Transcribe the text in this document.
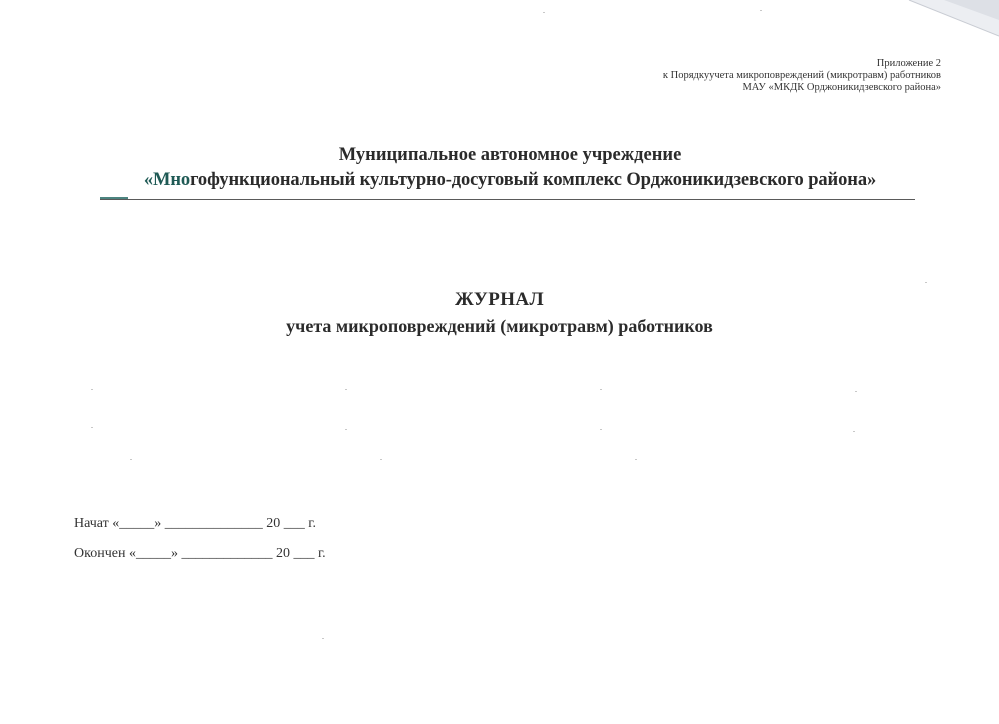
Приложение 2
к Порядкуучета микроповреждений (микротравм) работников
МАУ «МКДК Орджоникидзевского района»
Муниципальное автономное учреждение
«Многофункциональный культурно-досуговый комплекс Орджоникидзевского района»
ЖУРНАЛ
учета микроповреждений (микротравм) работников
Начат «_____» ______________ 20 ___ г.
Окончен «_____» _____________ 20 ___ г.
